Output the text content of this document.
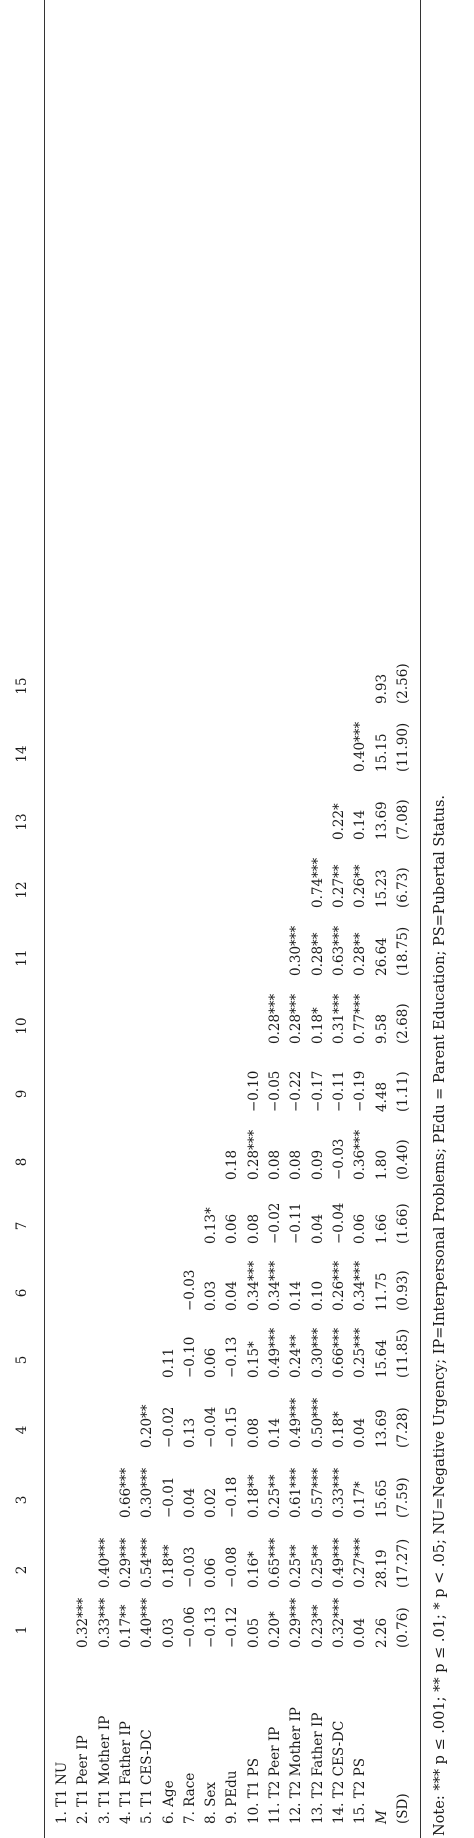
1
2
3
4
5
6
7
8
9
10
11
12
13
14
15
1. T1 NU 2. T1 Peer IP
0.32***
3. T1 Mother IP
0.33***
0.40***
4. T1 Father IP
0.17**
0.29***
0.66***
5. T1 CES-DC
0.40***
0.54***
0.30***
0.20**
6. Age
0.03
0.18**
−0.01
−0.02
0.11
7. Race
−0.06
−0.03
0.04
0.13
−0.10
−0.03
8. Sex
−0.13
0.06
0.02
−0.04
0.06
0.03
0.13*
9. PEdu
−0.12
−0.08
−0.18
−0.15
−0.13
0.04
0.06
0.18
10. T1 PS
0.05
0.16*
0.18**
0.08
0.15*
0.34***
0.08
0.28***
−0.10
11. T2 Peer IP
0.20*
0.65***
0.25**
0.14
0.49***
0.34***
−0.02
0.08
−0.05
0.28***
12. T2 Mother IP
0.29***
0.25**
0.61***
0.49***
0.24**
0.14
−0.11
0.08
−0.22
0.28***
0.30***
13. T2 Father IP
0.23**
0.25**
0.57***
0.50***
0.30***
0.10
0.04
0.09
−0.17
0.18*
0.28**
0.74***
14. T2 CES-DC
0.32***
0.49***
0.33***
0.18*
0.66***
0.26***
−0.04
−0.03
−0.11
0.31***
0.63***
0.27**
0.22*
15. T2 PS
0.04
0.27***
0.17*
0.04
0.25***
0.34***
0.06
0.36***
−0.19
0.77***
0.28**
0.26**
0.14
0.40***
M
2.26
28.19
15.65
13.69
15.64
11.75
1.66
1.80
4.48
9.58
26.64
15.23
13.69
15.15
9.93
(SD)
(0.76)
(17.27)
(7.59)
(7.28)
(11.85)
(0.93)
(1.66)
(0.40)
(1.11)
(2.68)
(18.75)
(6.73)
(7.08)
(11.90)
(2.56)
Note: *** p ≤ .001; ** p ≤ .01; * p < .05; NU=Negative Urgency; IP=Interpersonal Problems; PEdu = Parent Education; PS=Pubertal Status.
